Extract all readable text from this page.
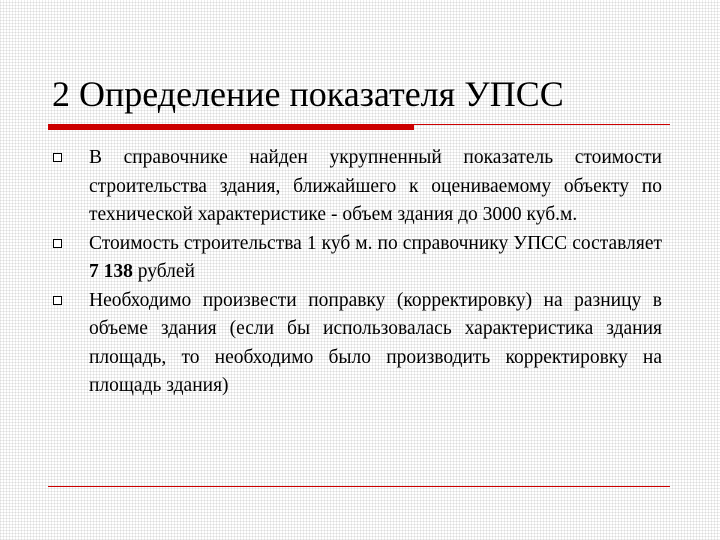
2 Определение показателя УПСС
В справочнике найден укрупненный показатель стоимости строительства здания, ближайшего к оцениваемому объекту по технической характеристике - объем здания до 3000 куб.м.
Стоимость строительства 1 куб м. по справочнику УПСС составляет 7 138 рублей
Необходимо произвести поправку (корректировку) на разницу в объеме здания (если бы использовалась характеристика здания площадь, то необходимо было производить корректировку на площадь здания)
